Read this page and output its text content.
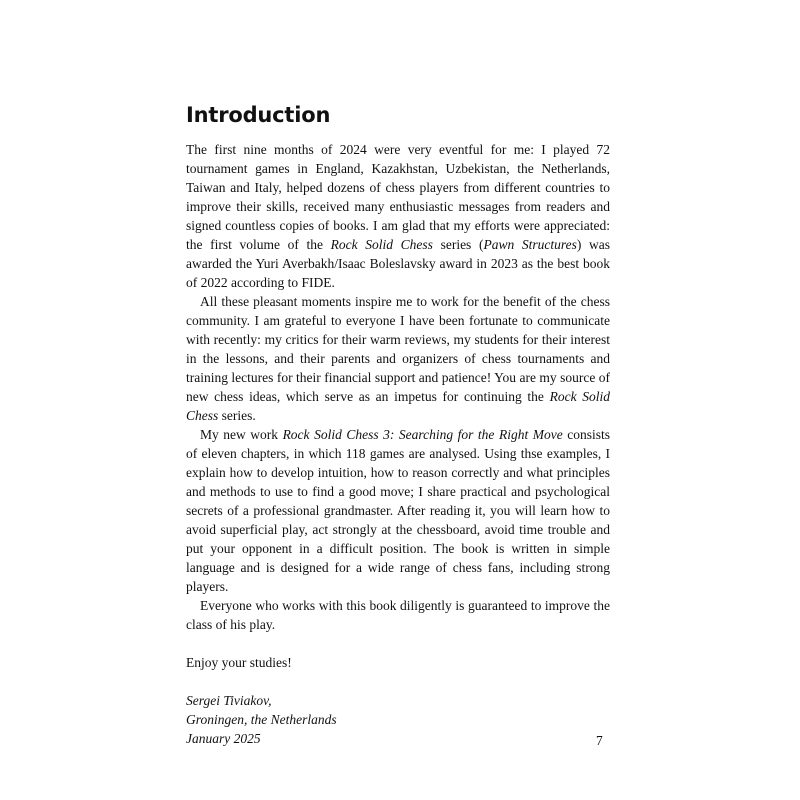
Introduction

The first nine months of 2024 were very eventful for me: I played 72 tournament games in England, Kazakhstan, Uzbekistan, the Netherlands, Taiwan and Italy, helped dozens of chess players from different countries to improve their skills, received many enthusiastic messages from readers and signed countless copies of books. I am glad that my efforts were appreciated: the first volume of the Rock Solid Chess series (Pawn Structures) was awarded the Yuri Averbakh/Isaac Boleslavsky award in 2023 as the best book of 2022 according to FIDE.

All these pleasant moments inspire me to work for the benefit of the chess community. I am grateful to everyone I have been fortunate to communicate with recently: my critics for their warm reviews, my students for their interest in the lessons, and their parents and organizers of chess tournaments and training lectures for their financial support and patience! You are my source of new chess ideas, which serve as an impetus for continuing the Rock Solid Chess series.

My new work Rock Solid Chess 3: Searching for the Right Move consists of eleven chapters, in which 118 games are analysed. Using thse examples, I explain how to develop intuition, how to reason correctly and what principles and methods to use to find a good move; I share practical and psychological secrets of a professional grandmaster. After reading it, you will learn how to avoid superficial play, act strongly at the chessboard, avoid time trouble and put your opponent in a difficult position. The book is written in simple language and is designed for a wide range of chess fans, including strong players.

Everyone who works with this book diligently is guaranteed to improve the class of his play.

Enjoy your studies!

Sergei Tiviakov,
Groningen, the Netherlands
January 2025	7
